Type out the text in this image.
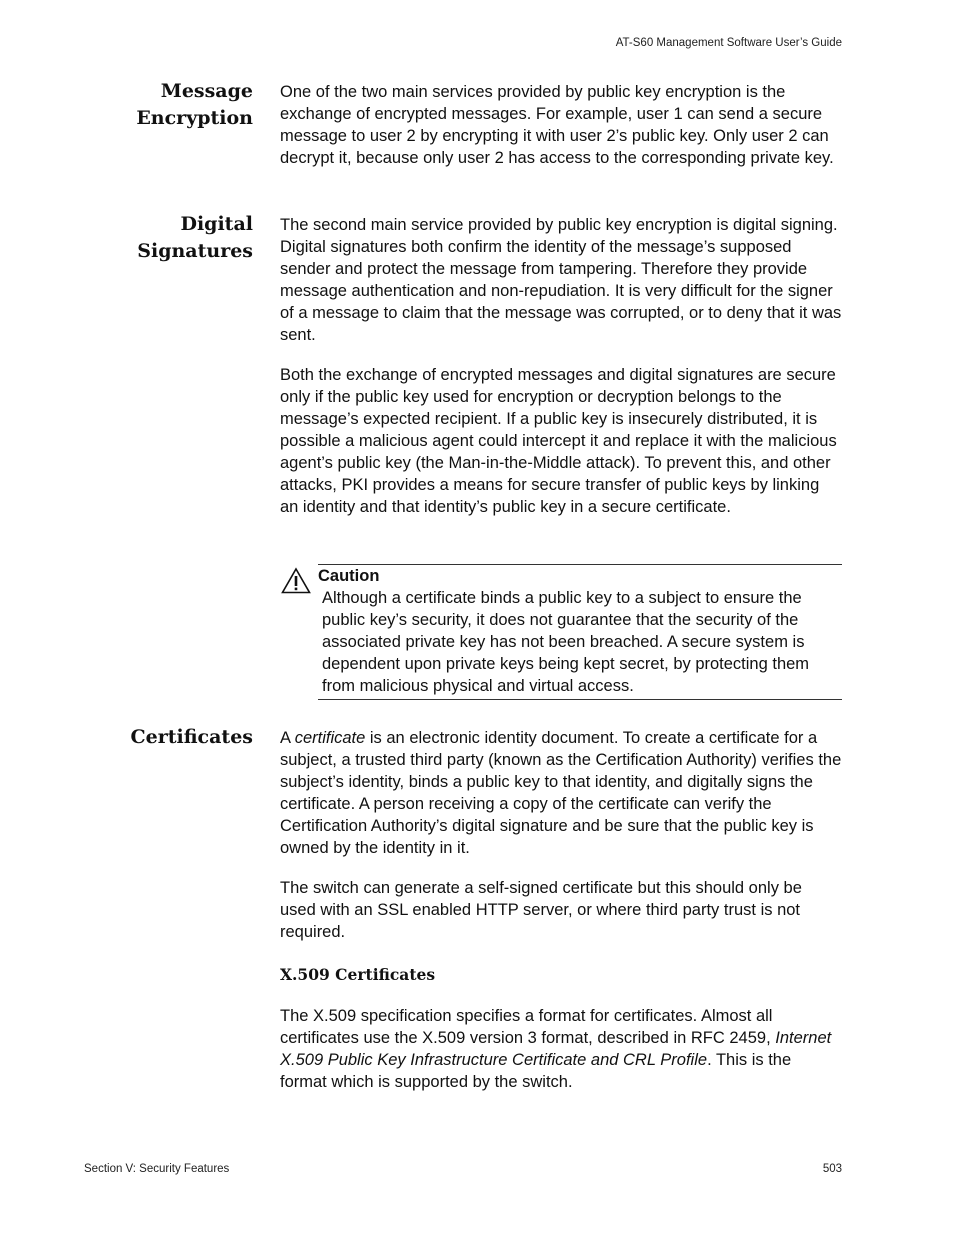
AT-S60 Management Software User’s Guide
Message
Encryption

One of the two main services provided by public key encryption is the exchange of encrypted messages. For example, user 1 can send a secure message to user 2 by encrypting it with user 2’s public key. Only user 2 can decrypt it, because only user 2 has access to the corresponding private key.

Digital
Signatures

The second main service provided by public key encryption is digital signing. Digital signatures both confirm the identity of the message’s supposed sender and protect the message from tampering. Therefore they provide message authentication and non-repudiation. It is very difficult for the signer of a message to claim that the message was corrupted, or to deny that it was sent.

Both the exchange of encrypted messages and digital signatures are secure only if the public key used for encryption or decryption belongs to the message’s expected recipient. If a public key is insecurely distributed, it is possible a malicious agent could intercept it and replace it with the malicious agent’s public key (the Man-in-the-Middle attack). To prevent this, and other attacks, PKI provides a means for secure transfer of public keys by linking an identity and that identity’s public key in a secure certificate.

Caution
Although a certificate binds a public key to a subject to ensure the public key’s security, it does not guarantee that the security of the associated private key has not been breached. A secure system is dependent upon private keys being kept secret, by protecting them from malicious physical and virtual access.
Certificates A certificate is an electronic identity document. To create a certificate for a subject, a trusted third party (known as the Certification Authority) verifies the subject’s identity, binds a public key to that identity, and digitally signs the certificate. A person receiving a copy of the certificate can verify the Certification Authority’s digital signature and be sure that the public key is owned by the identity in it.

The switch can generate a self-signed certificate but this should only be used with an SSL enabled HTTP server, or where third party trust is not required.

X.509 Certificates

The X.509 specification specifies a format for certificates. Almost all certificates use the X.509 version 3 format, described in RFC 2459, Internet X.509 Public Key Infrastructure Certificate and CRL Profile. This is the format which is supported by the switch.

Section V: Security Features	503
